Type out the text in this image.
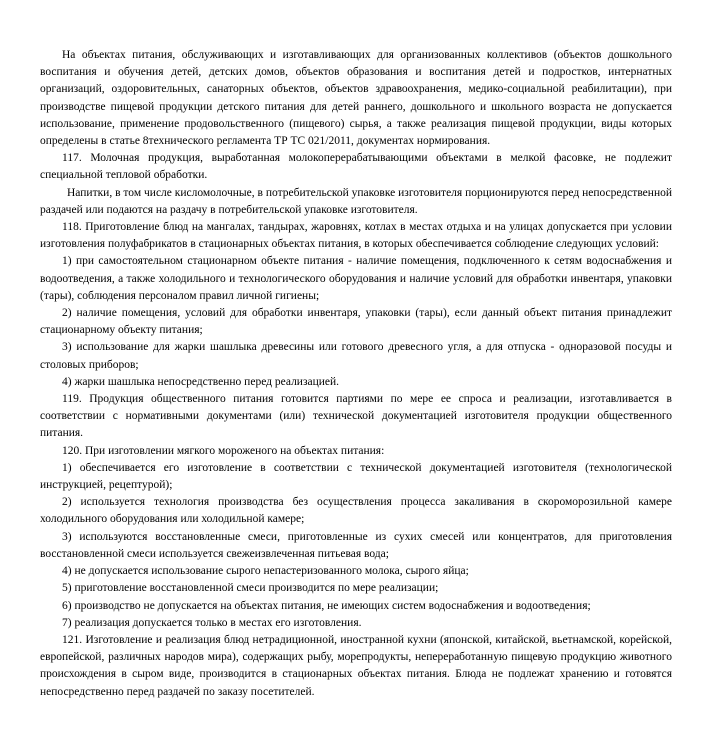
На объектах питания, обслуживающих и изготавливающих для организованных коллективов (объектов дошкольного воспитания и обучения детей, детских домов, объектов образования и воспитания детей и подростков, интернатных организаций, оздоровительных, санаторных объектов, объектов здравоохранения, медико-социальной реабилитации), при производстве пищевой продукции детского питания для детей раннего, дошкольного и школьного возраста не допускается использование, применение продовольственного (пищевого) сырья, а также реализация пищевой продукции, виды которых определены в статье 8технического регламента ТР ТС 021/2011, документах нормирования.

117. Молочная продукция, выработанная молокоперерабатывающими объектами в мелкой фасовке, не подлежит специальной тепловой обработки.

Напитки, в том числе кисломолочные, в потребительской упаковке изготовителя порционируются перед непосредственной раздачей или подаются на раздачу в потребительской упаковке изготовителя.

118. Приготовление блюд на мангалах, тандырах, жаровнях, котлах в местах отдыха и на улицах допускается при условии изготовления полуфабрикатов в стационарных объектах питания, в которых обеспечивается соблюдение следующих условий:

1) при самостоятельном стационарном объекте питания - наличие помещения, подключенного к сетям водоснабжения и водоотведения, а также холодильного и технологического оборудования и наличие условий для обработки инвентаря, упаковки (тары), соблюдения персоналом правил личной гигиены;

2) наличие помещения, условий для обработки инвентаря, упаковки (тары), если данный объект питания принадлежит стационарному объекту питания;

3) использование для жарки шашлыка древесины или готового древесного угля, а для отпуска - одноразовой посуды и столовых приборов;

4) жарки шашлыка непосредственно перед реализацией.

119. Продукция общественного питания готовится партиями по мере ее спроса и реализации, изготавливается в соответствии с нормативными документами (или) технической документацией изготовителя продукции общественного питания.

120. При изготовлении мягкого мороженого на объектах питания:

1) обеспечивается его изготовление в соответствии с технической документацией изготовителя (технологической инструкцией, рецептурой);

2) используется технология производства без осуществления процесса закаливания в скороморозильной камере холодильного оборудования или холодильной камере;

3) используются восстановленные смеси, приготовленные из сухих смесей или концентратов, для приготовления восстановленной смеси используется свежеизвлеченная питьевая вода;

4) не допускается использование сырого непастеризованного молока, сырого яйца;

5) приготовление восстановленной смеси производится по мере реализации;

6) производство не допускается на объектах питания, не имеющих систем водоснабжения и водоотведения;

7) реализация допускается только в местах его изготовления.

121. Изготовление и реализация блюд нетрадиционной, иностранной кухни (японской, китайской, вьетнамской, корейской, европейской, различных народов мира), содержащих рыбу, морепродукты, непереработанную пищевую продукцию животного происхождения в сыром виде, производится в стационарных объектах питания. Блюда не подлежат хранению и готовятся непосредственно перед раздачей по заказу посетителей.
